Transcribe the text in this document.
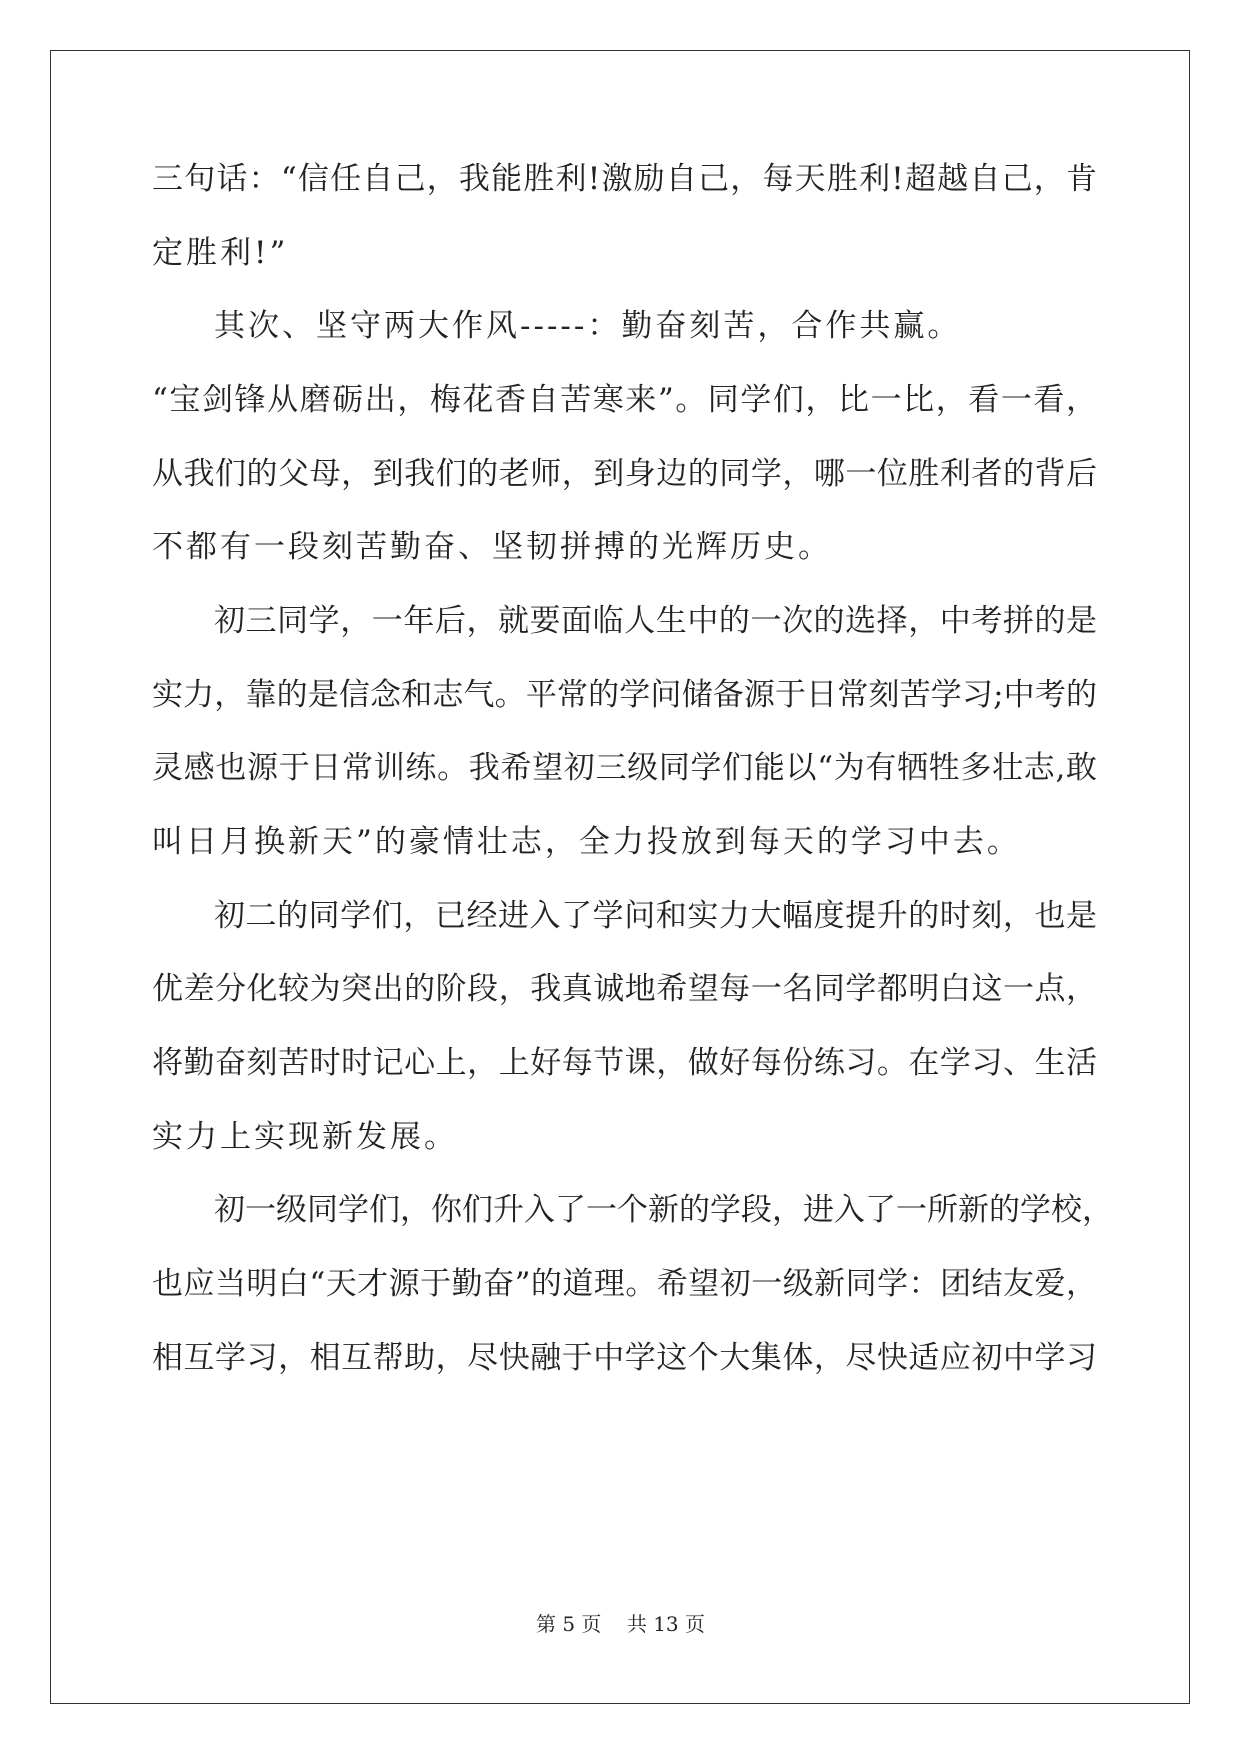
三句话：“信任自己，我能胜利!激励自己，每天胜利!超越自己，肯
定胜利!”
其次、坚守两大作风-----：勤奋刻苦，合作共赢。
“宝剑锋从磨砺出，梅花香自苦寒来”。同学们，比一比，看一看，
从我们的父母，到我们的老师，到身边的同学，哪一位胜利者的背后
不都有一段刻苦勤奋、坚韧拼搏的光辉历史。
初三同学，一年后，就要面临人生中的一次的选择，中考拼的是
实力，靠的是信念和志气。平常的学问储备源于日常刻苦学习;中考的
灵感也源于日常训练。我希望初三级同学们能以“为有牺牲多壮志,敢
叫日月换新天”的豪情壮志，全力投放到每天的学习中去。
初二的同学们，已经进入了学问和实力大幅度提升的时刻，也是
优差分化较为突出的阶段，我真诚地希望每一名同学都明白这一点，
将勤奋刻苦时时记心上，上好每节课，做好每份练习。在学习、生活
实力上实现新发展。
初一级同学们，你们升入了一个新的学段，进入了一所新的学校，
也应当明白“天才源于勤奋”的道理。希望初一级新同学：团结友爱，
相互学习，相互帮助，尽快融于中学这个大集体，尽快适应初中学习
第 5 页    共 13 页
